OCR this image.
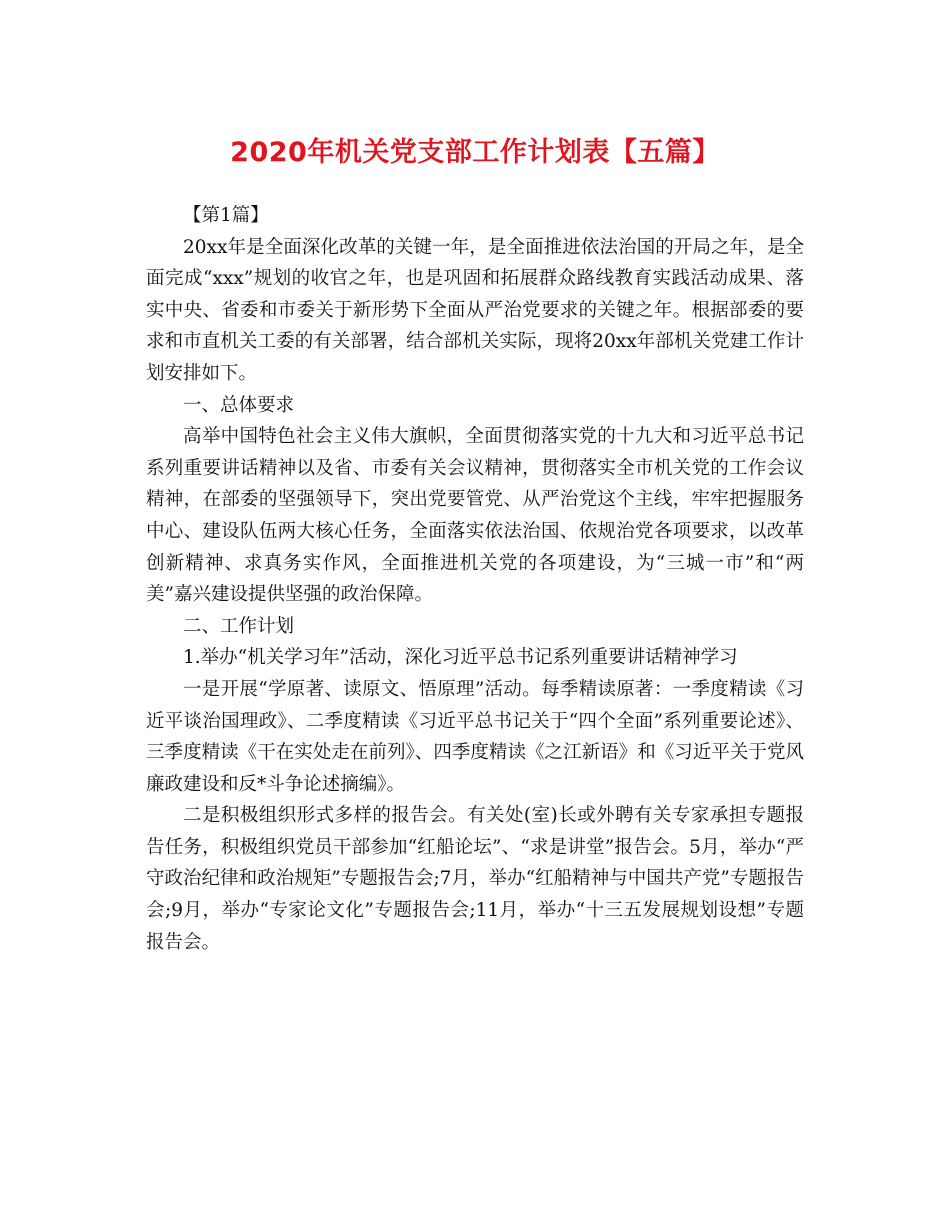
2020年机关党支部工作计划表【五篇】

【第1篇】

20xx年是全面深化改革的关键一年，是全面推进依法治国的开局之年，是全面完成“xxx”规划的收官之年，也是巩固和拓展群众路线教育实践活动成果、落实中央、省委和市委关于新形势下全面从严治党要求的关键之年。根据部委的要求和市直机关工委的有关部署，结合部机关实际，现将20xx年部机关党建工作计划安排如下。

一、总体要求

高举中国特色社会主义伟大旗帜，全面贯彻落实党的十九大和习近平总书记系列重要讲话精神以及省、市委有关会议精神，贯彻落实全市机关党的工作会议精神，在部委的坚强领导下，突出党要管党、从严治党这个主线，牢牢把握服务中心、建设队伍两大核心任务，全面落实依法治国、依规治党各项要求，以改革创新精神、求真务实作风，全面推进机关党的各项建设，为“三城一市”和“两美”嘉兴建设提供坚强的政治保障。

二、工作计划

1.举办“机关学习年”活动，深化习近平总书记系列重要讲话精神学习

一是开展“学原著、读原文、悟原理”活动。每季精读原著：一季度精读《习近平谈治国理政》、二季度精读《习近平总书记关于“四个全面”系列重要论述》、三季度精读《干在实处走在前列》、四季度精读《之江新语》和《习近平关于党风廉政建设和反*斗争论述摘编》。

二是积极组织形式多样的报告会。有关处(室)长或外聘有关专家承担专题报告任务，积极组织党员干部参加“红船论坛”、“求是讲堂”报告会。5月，举办“严守政治纪律和政治规矩”专题报告会;7月，举办“红船精神与中国共产党”专题报告会;9月，举办“专家论文化”专题报告会;11月，举办“十三五发展规划设想”专题报告会。
